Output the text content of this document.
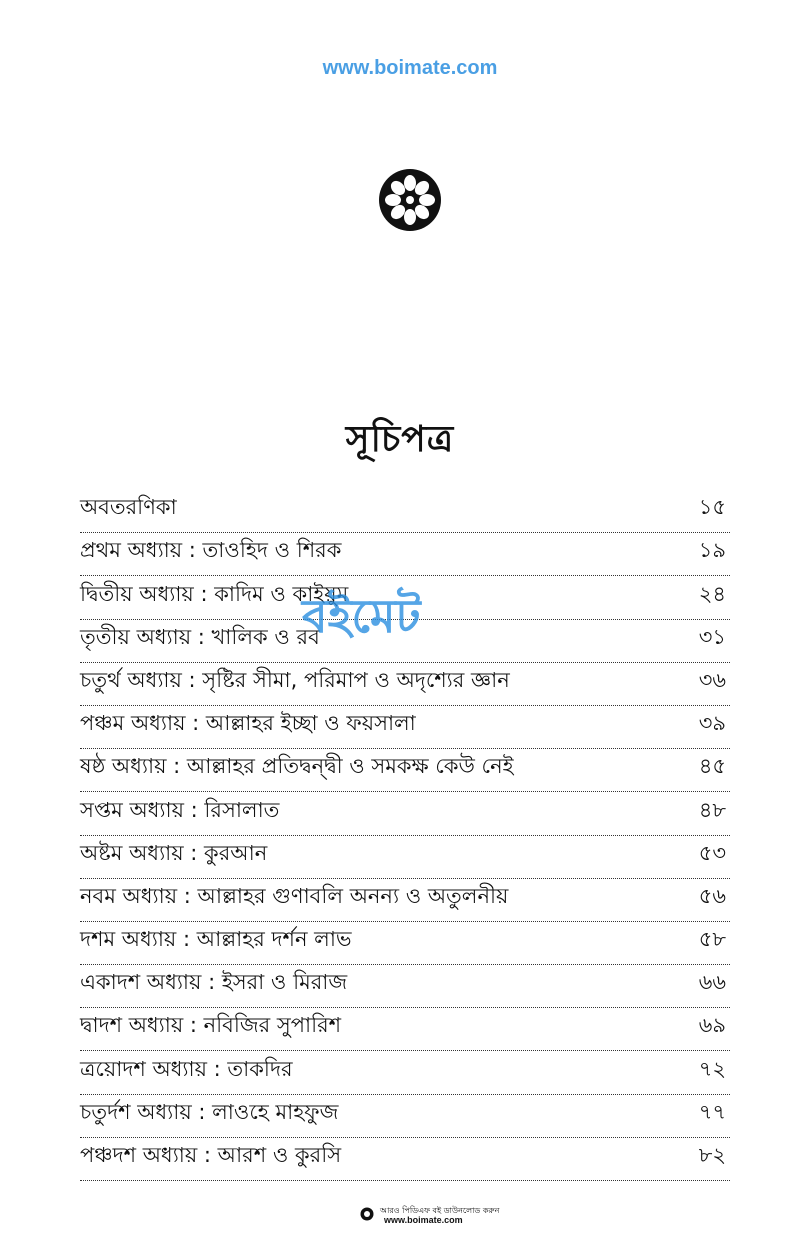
সূচিপত্র
অবতরণিকা	১৫
প্রথম অধ্যায় : তাওহিদ ও শিরক	১৯
দ্বিতীয় অধ্যায় : কাদিম ও কাইয়ুম	২৪
তৃতীয় অধ্যায় : খালিক ও রব	৩১
চতুর্থ অধ্যায় : সৃষ্টির সীমা, পরিমাপ ও অদৃশ্যের জ্ঞান	৩৬
পঞ্চম অধ্যায় : আল্লাহর ইচ্ছা ও ফয়সালা	৩৯
ষষ্ঠ অধ্যায় : আল্লাহর প্রতিদ্বন্দ্বী ও সমকক্ষ কেউ নেই	৪৫
সপ্তম অধ্যায় : রিসালাত	৪৮
অষ্টম অধ্যায় : কুরআন	৫৩
নবম অধ্যায় : আল্লাহর গুণাবলি অনন্য ও অতুলনীয়	৫৬
দশম অধ্যায় : আল্লাহর দর্শন লাভ	৫৮
একাদশ অধ্যায় : ইসরা ও মিরাজ	৬৬
দ্বাদশ অধ্যায় : নবিজির সুপারিশ	৬৯
ত্রয়োদশ অধ্যায় : তাকদির	৭২
চতুর্দশ অধ্যায় : লাওহে মাহফুজ	৭৭
পঞ্চদশ অধ্যায় : আরশ ও কুরসি	৮২
বইমেট
www.boimate.com
আরও পিডিএফ বই ডাউনলোড করুন
www.boimate.com
